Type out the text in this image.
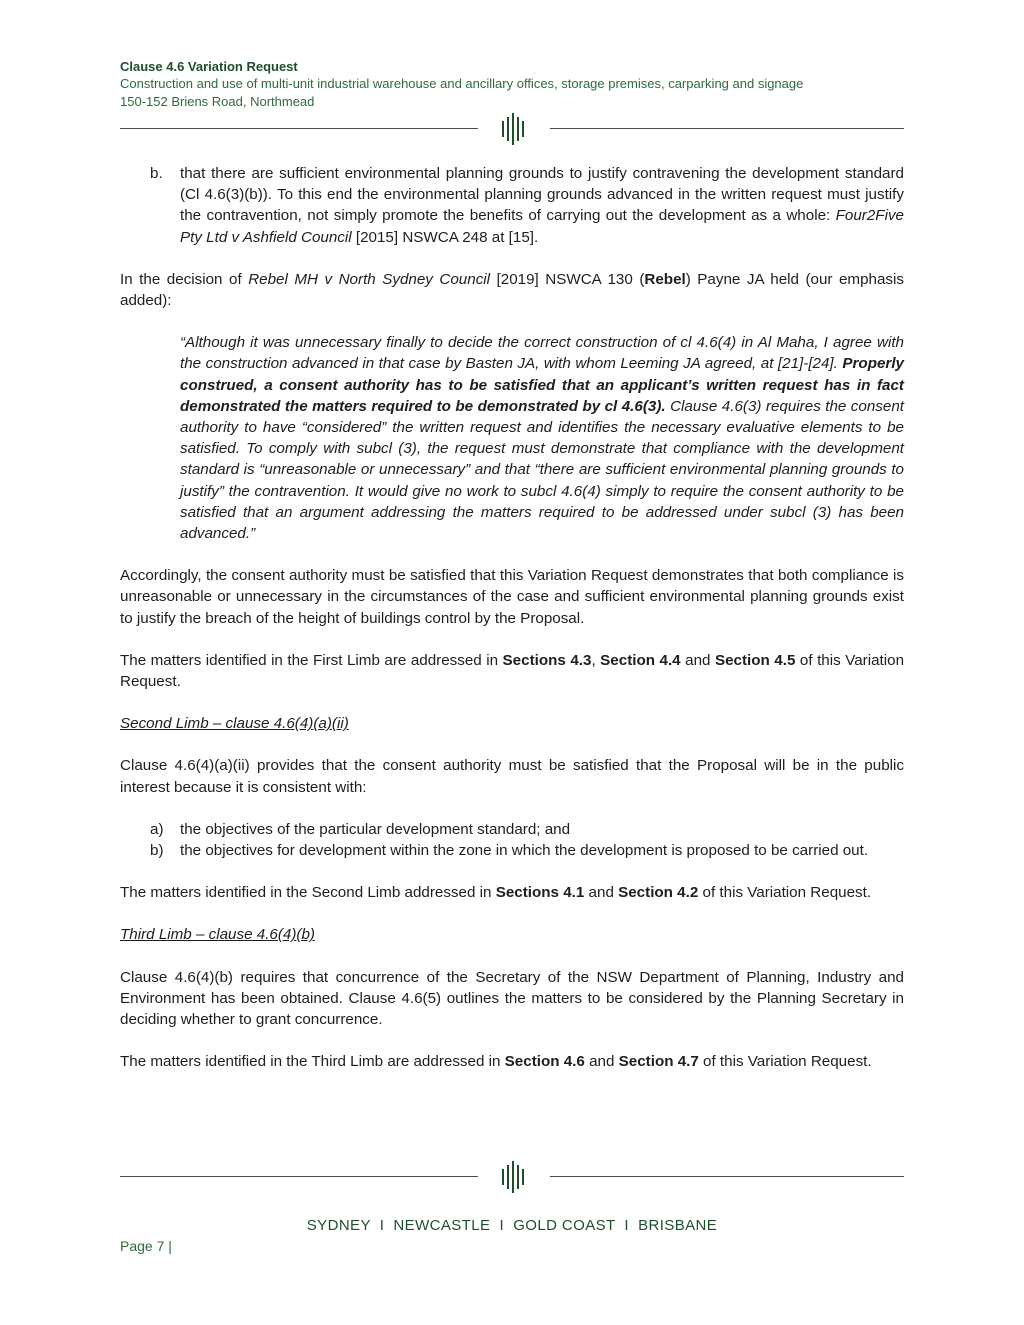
Clause 4.6 Variation Request
Construction and use of multi-unit industrial warehouse and ancillary offices, storage premises, carparking and signage
150-152 Briens Road, Northmead
b.	that there are sufficient environmental planning grounds to justify contravening the development standard (Cl 4.6(3)(b)). To this end the environmental planning grounds advanced in the written request must justify the contravention, not simply promote the benefits of carrying out the development as a whole: Four2Five Pty Ltd v Ashfield Council [2015] NSWCA 248 at [15].

In the decision of Rebel MH v North Sydney Council [2019] NSWCA 130 (Rebel) Payne JA held (our emphasis added):

“Although it was unnecessary finally to decide the correct construction of cl 4.6(4) in Al Maha, I agree with the construction advanced in that case by Basten JA, with whom Leeming JA agreed, at [21]-[24]. Properly construed, a consent authority has to be satisfied that an applicant’s written request has in fact demonstrated the matters required to be demonstrated by cl 4.6(3). Clause 4.6(3) requires the consent authority to have “considered” the written request and identifies the necessary evaluative elements to be satisfied. To comply with subcl (3), the request must demonstrate that compliance with the development standard is “unreasonable or unnecessary” and that “there are sufficient environmental planning grounds to justify” the contravention. It would give no work to subcl 4.6(4) simply to require the consent authority to be satisfied that an argument addressing the matters required to be addressed under subcl (3) has been advanced.”

Accordingly, the consent authority must be satisfied that this Variation Request demonstrates that both compliance is unreasonable or unnecessary in the circumstances of the case and sufficient environmental planning grounds exist to justify the breach of the height of buildings control by the Proposal.

The matters identified in the First Limb are addressed in Sections 4.3, Section 4.4 and Section 4.5 of this Variation Request.

Second Limb – clause 4.6(4)(a)(ii)

Clause 4.6(4)(a)(ii) provides that the consent authority must be satisfied that the Proposal will be in the public interest because it is consistent with:

a)	the objectives of the particular development standard; and
b)	the objectives for development within the zone in which the development is proposed to be carried out.

The matters identified in the Second Limb addressed in Sections 4.1 and Section 4.2 of this Variation Request.

Third Limb – clause 4.6(4)(b)

Clause 4.6(4)(b) requires that concurrence of the Secretary of the NSW Department of Planning, Industry and Environment has been obtained. Clause 4.6(5) outlines the matters to be considered by the Planning Secretary in deciding whether to grant concurrence.

The matters identified in the Third Limb are addressed in Section 4.6 and Section 4.7 of this Variation Request.

SYDNEY  I  NEWCASTLE  I  GOLD COAST  I  BRISBANE
Page 7 |
